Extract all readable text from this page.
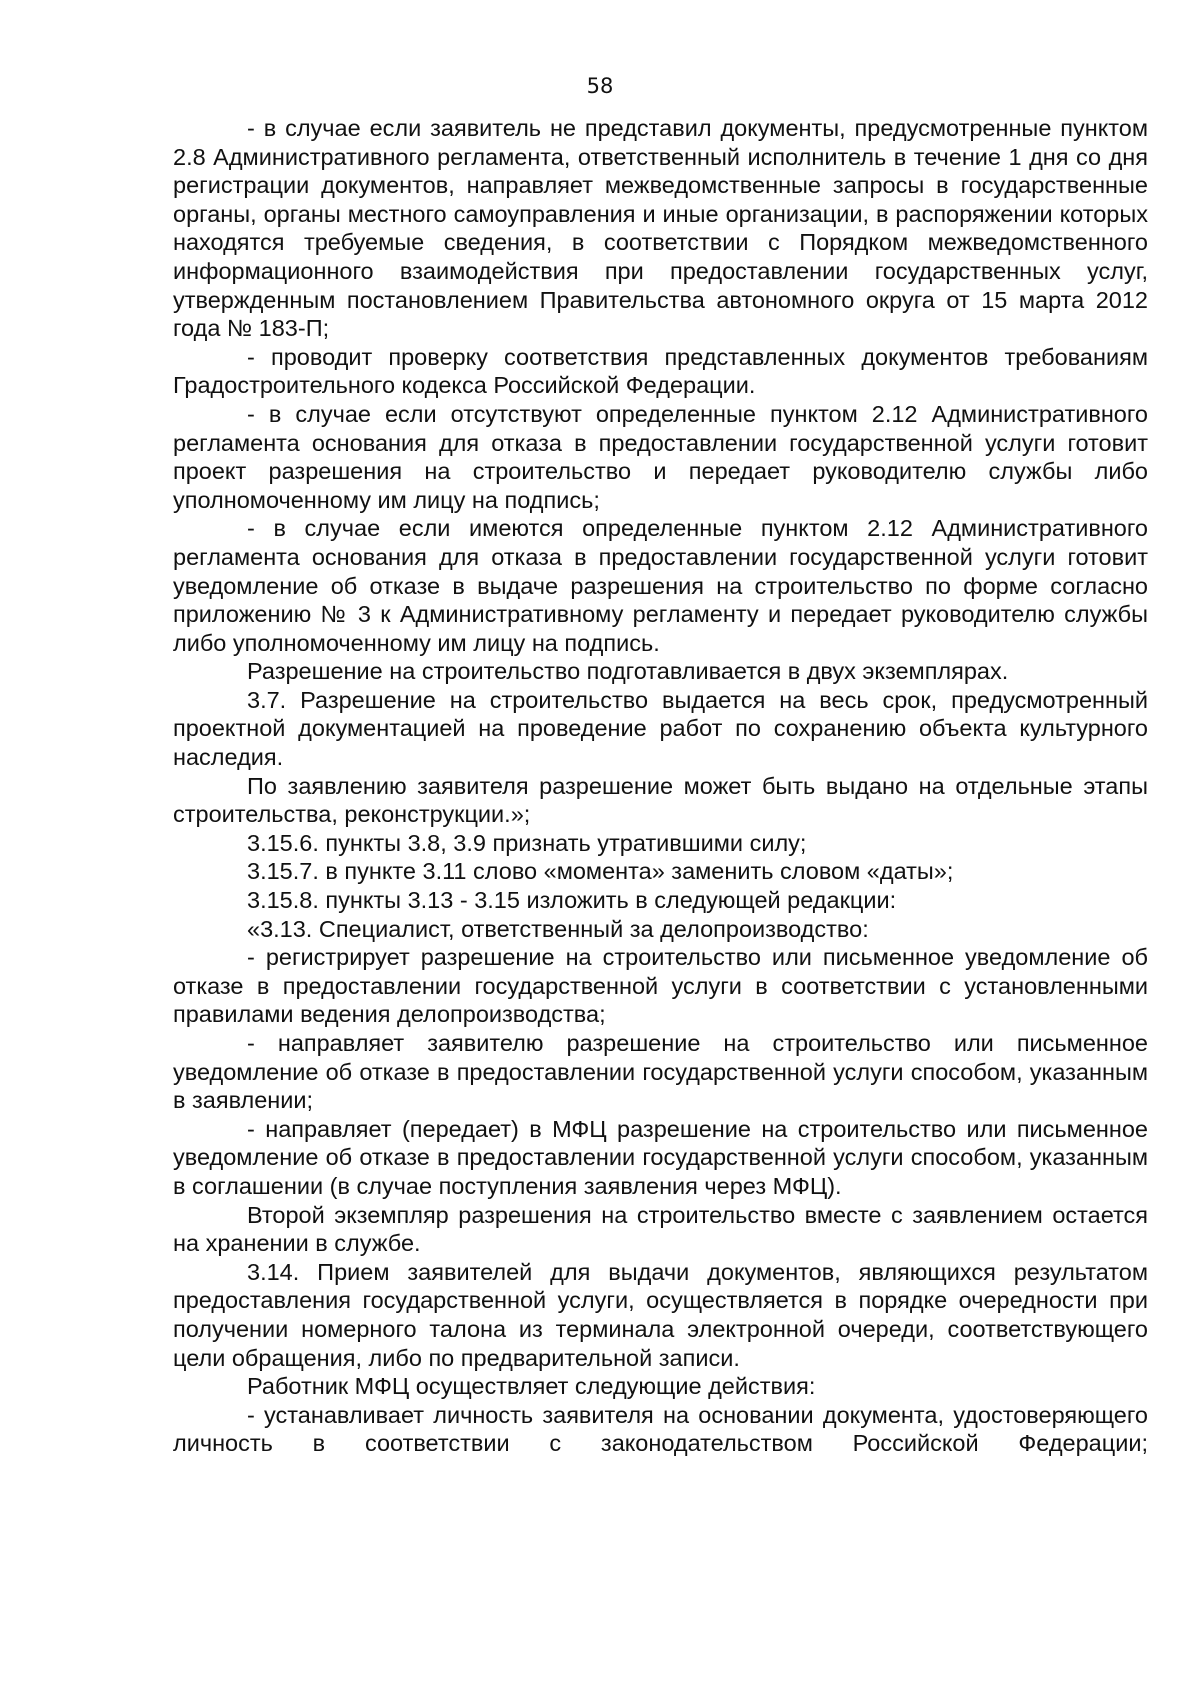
58

- в случае если заявитель не представил документы, предусмотренные пунктом 2.8 Административного регламента, ответственный исполнитель в течение 1 дня со дня регистрации документов, направляет межведомственные запросы в государственные органы, органы местного самоуправления и иные организации, в распоряжении которых находятся требуемые сведения, в соответствии с Порядком межведомственного информационного взаимодействия при предоставлении государственных услуг, утвержденным постановлением Правительства автономного округа от 15 марта 2012 года № 183-П;

- проводит проверку соответствия представленных документов требованиям Градостроительного кодекса Российской Федерации.

- в случае если отсутствуют определенные пунктом 2.12 Административного регламента основания для отказа в предоставлении государственной услуги готовит проект разрешения на строительство и передает руководителю службы либо уполномоченному им лицу на подпись;

- в случае если имеются определенные пунктом 2.12 Административного регламента основания для отказа в предоставлении государственной услуги готовит уведомление об отказе в выдаче разрешения на строительство по форме согласно приложению № 3 к Административному регламенту и передает руководителю службы либо уполномоченному им лицу на подпись.

Разрешение на строительство подготавливается в двух экземплярах.

3.7. Разрешение на строительство выдается на весь срок, предусмотренный проектной документацией на проведение работ по сохранению объекта культурного наследия.

По заявлению заявителя разрешение может быть выдано на отдельные этапы строительства, реконструкции.»;

3.15.6. пункты 3.8, 3.9 признать утратившими силу;

3.15.7. в пункте 3.11 слово «момента» заменить словом «даты»;

3.15.8. пункты 3.13 - 3.15 изложить в следующей редакции:

«3.13. Специалист, ответственный за делопроизводство:

- регистрирует разрешение на строительство или письменное уведомление об отказе в предоставлении государственной услуги в соответствии с установленными правилами ведения делопроизводства;

- направляет заявителю разрешение на строительство или письменное уведомление об отказе в предоставлении государственной услуги способом, указанным в заявлении;

- направляет (передает) в МФЦ разрешение на строительство или письменное уведомление об отказе в предоставлении государственной услуги способом, указанным в соглашении (в случае поступления заявления через МФЦ).

Второй экземпляр разрешения на строительство вместе с заявлением остается на хранении в службе.

3.14. Прием заявителей для выдачи документов, являющихся результатом предоставления государственной услуги, осуществляется в порядке очередности при получении номерного талона из терминала электронной очереди, соответствующего цели обращения, либо по предварительной записи.

Работник МФЦ осуществляет следующие действия:

- устанавливает личность заявителя на основании документа, удостоверяющего личность в соответствии с законодательством Российской Федерации;
